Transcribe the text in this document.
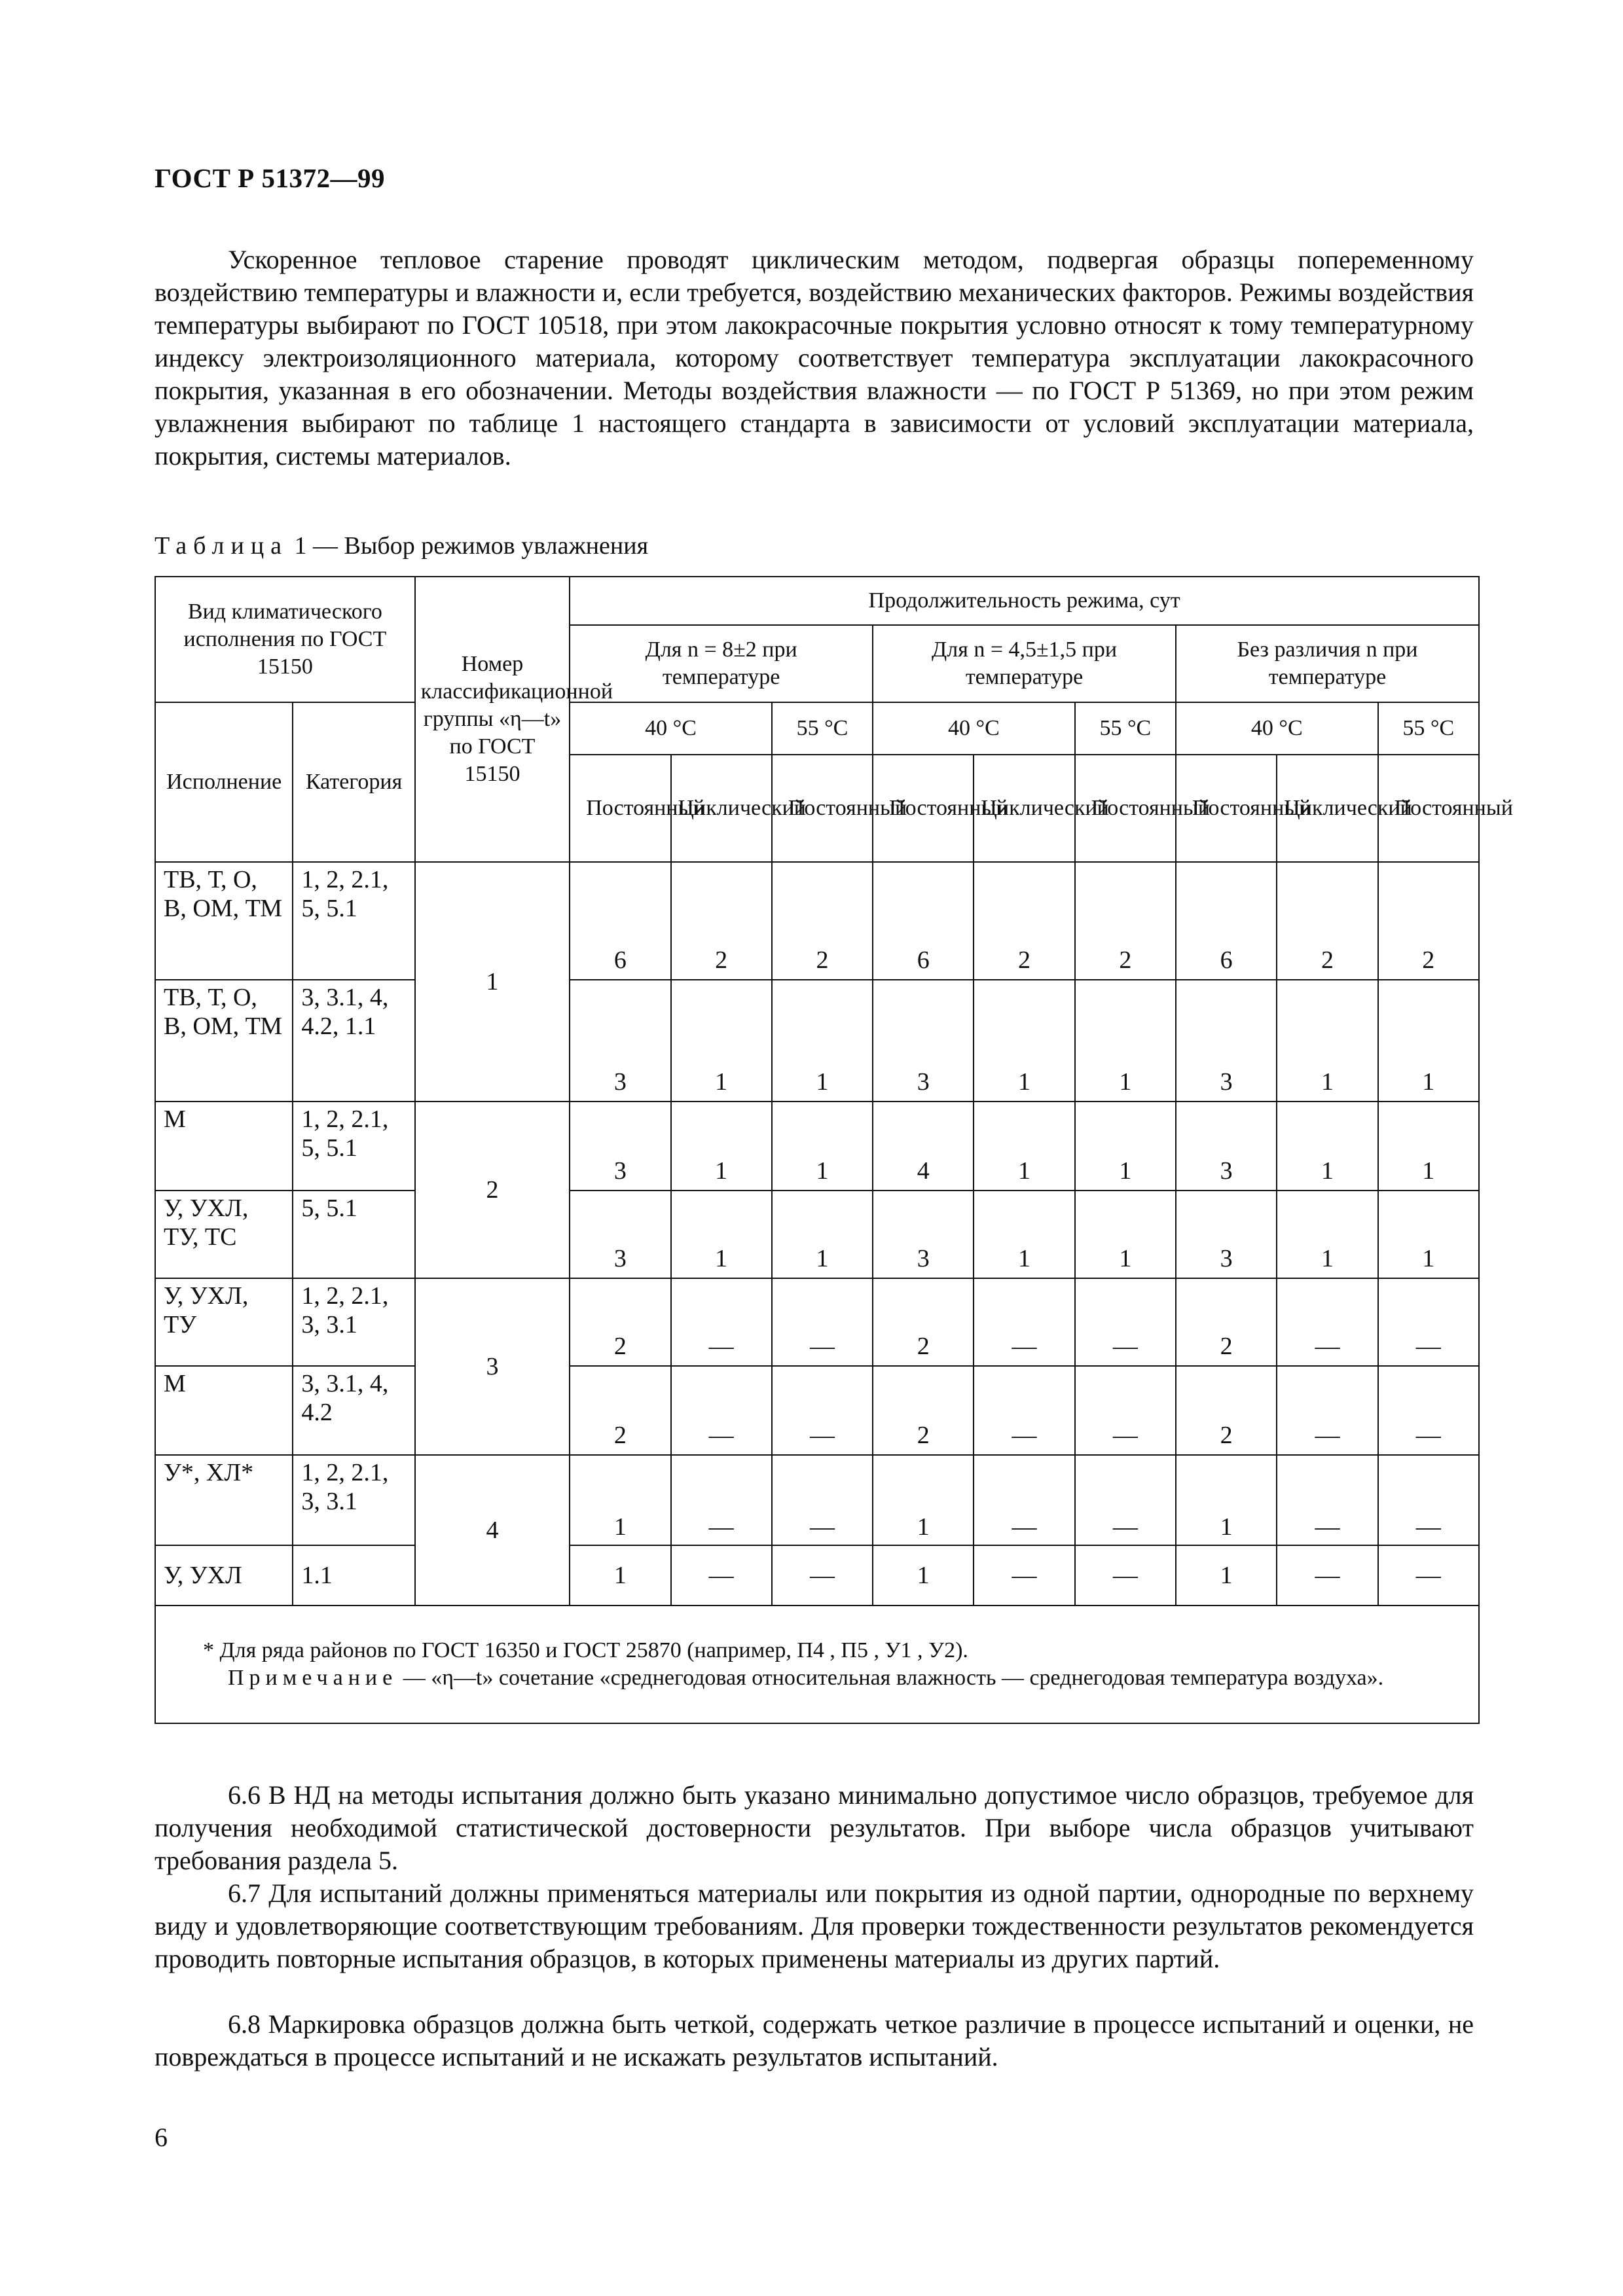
ГОСТ Р 51372—99

Ускоренное тепловое старение проводят циклическим методом, подвергая образцы попеременному воздействию температуры и влажности и, если требуется, воздействию механических факторов. Режимы воздействия температуры выбирают по ГОСТ 10518, при этом лакокрасочные покрытия условно относят к тому температурному индексу электроизоляционного материала, которому соответствует температура эксплуатации лакокрасочного покрытия, указанная в его обозначении. Методы воздействия влажности — по ГОСТ Р 51369, но при этом режим увлажнения выбирают по таблице 1 настоящего стандарта в зависимости от условий эксплуатации материала, покрытия, системы материалов.

Таблица 1 — Выбор режимов увлажнения
Вид климатического исполнения по ГОСТ 15150		Номер классификационной группы «η—t» по ГОСТ 15150	Продолжительность режима, сут								
			Для n = 8±2 при температуре			Для n = 4,5±1,5 при температуре			Без различия n при температуре		
Исполнение	Категория		40 °С		55 °С	40 °С		55 °С	40 °С		55 °С
			Постоянный	Циклический	Постоянный	Постоянный	Циклический	Постоянный	Постоянный	Циклический	Постоянный
ТВ, Т, О, В, ОМ, ТМ	1, 2, 2.1, 5, 5.1	1	6	2	2	6	2	2	6	2	2
ТВ, Т, О, В, ОМ, ТМ	3, 3.1, 4, 4.2, 1.1		3	1	1	3	1	1	3	1	1
М	1, 2, 2.1, 5, 5.1	2	3	1	1	4	1	1	3	1	1
У, УХЛ, ТУ, ТС	5, 5.1		3	1	1	3	1	1	3	1	1
У, УХЛ, ТУ	1, 2, 2.1, 3, 3.1	3	2	—	—	2	—	—	2	—	—
М	3, 3.1, 4, 4.2		2	—	—	2	—	—	2	—	—
У*, ХЛ*	1, 2, 2.1, 3, 3.1	4	1	—	—	1	—	—	1	—	—
У, УХЛ	1.1		1	—	—	1	—	—	1	—	—

* Для ряда районов по ГОСТ 16350 и ГОСТ 25870 (например, П4 , П5 , У1 , У2).

Примечание — «η—t» сочетание «среднегодовая относительная влажность — среднегодовая температура воздуха».											

6.6 В НД на методы испытания должно быть указано минимально допустимое число образцов, требуемое для получения необходимой статистической достоверности результатов. При выборе числа образцов учитывают требования раздела 5.

6.7 Для испытаний должны применяться материалы или покрытия из одной партии, однородные по верхнему виду и удовлетворяющие соответствующим требованиям. Для проверки тождественности результатов рекомендуется проводить повторные испытания образцов, в которых применены материалы из других партий.

6.8 Маркировка образцов должна быть четкой, содержать четкое различие в процессе испытаний и оценки, не повреждаться в процессе испытаний и не искажать результатов испытаний.

6
